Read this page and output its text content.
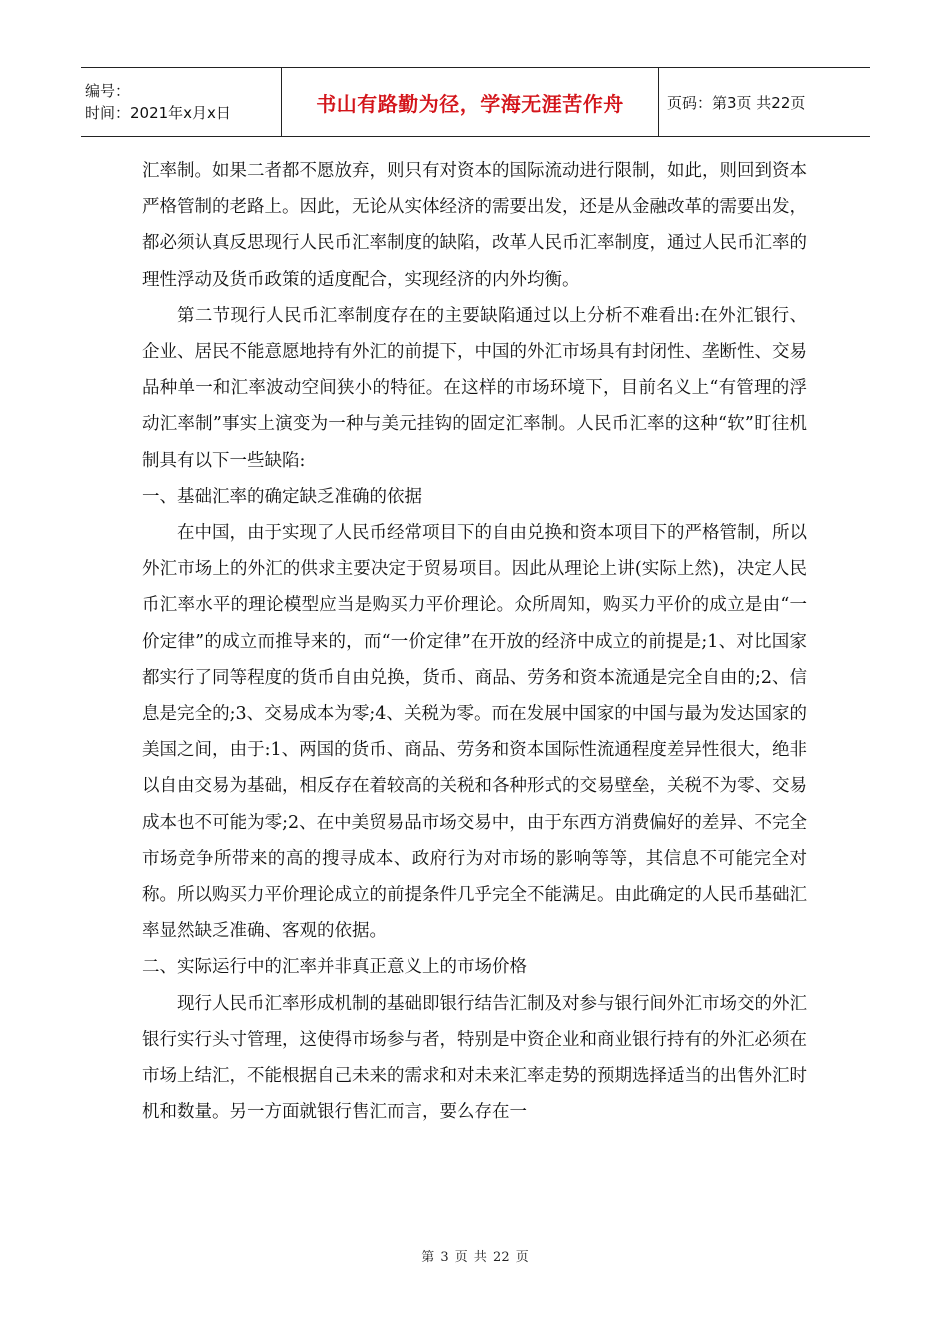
编号：
时间：2021年x月x日	书山有路勤为径，学海无涯苦作舟	页码：第3页 共22页

汇率制。如果二者都不愿放弃，则只有对资本的国际流动进行限制，如此，则回到资本严格管制的老路上。因此，无论从实体经济的需要出发，还是从金融改革的需要出发，都必须认真反思现行人民币汇率制度的缺陷，改革人民币汇率制度，通过人民币汇率的理性浮动及货币政策的适度配合，实现经济的内外均衡。

第二节现行人民币汇率制度存在的主要缺陷通过以上分析不难看出:在外汇银行、企业、居民不能意愿地持有外汇的前提下，中国的外汇市场具有封闭性、垄断性、交易品种单一和汇率波动空间狭小的特征。在这样的市场环境下，目前名义上“有管理的浮动汇率制”事实上演变为一种与美元挂钩的固定汇率制。人民币汇率的这种“软”盯往机制具有以下一些缺陷:

一、基础汇率的确定缺乏准确的依据

在中国，由于实现了人民币经常项目下的自由兑换和资本项目下的严格管制，所以外汇市场上的外汇的供求主要决定于贸易项目。因此从理论上讲(实际上然)，决定人民币汇率水平的理论模型应当是购买力平价理论。众所周知，购买力平价的成立是由“一价定律”的成立而推导来的，而“一价定律”在开放的经济中成立的前提是;1、对比国家都实行了同等程度的货币自由兑换，货币、商品、劳务和资本流通是完全自由的;2、信息是完全的;3、交易成本为零;4、关税为零。而在发展中国家的中国与最为发达国家的美国之间，由于:1、两国的货币、商品、劳务和资本国际性流通程度差异性很大，绝非以自由交易为基础，相反存在着较高的关税和各种形式的交易壁垒，关税不为零、交易成本也不可能为零;2、在中美贸易品市场交易中，由于东西方消费偏好的差异、不完全市场竞争所带来的高的搜寻成本、政府行为对市场的影响等等，其信息不可能完全对称。所以购买力平价理论成立的前提条件几乎完全不能满足。由此确定的人民币基础汇率显然缺乏准确、客观的依据。

二、实际运行中的汇率并非真正意义上的市场价格

现行人民币汇率形成机制的基础即银行结告汇制及对参与银行间外汇市场交的外汇银行实行头寸管理，这使得市场参与者，特别是中资企业和商业银行持有的外汇必须在市场上结汇，不能根据自己未来的需求和对未来汇率走势的预期选择适当的出售外汇时机和数量。另一方面就银行售汇而言，要么存在一

第 3 页 共 22 页
